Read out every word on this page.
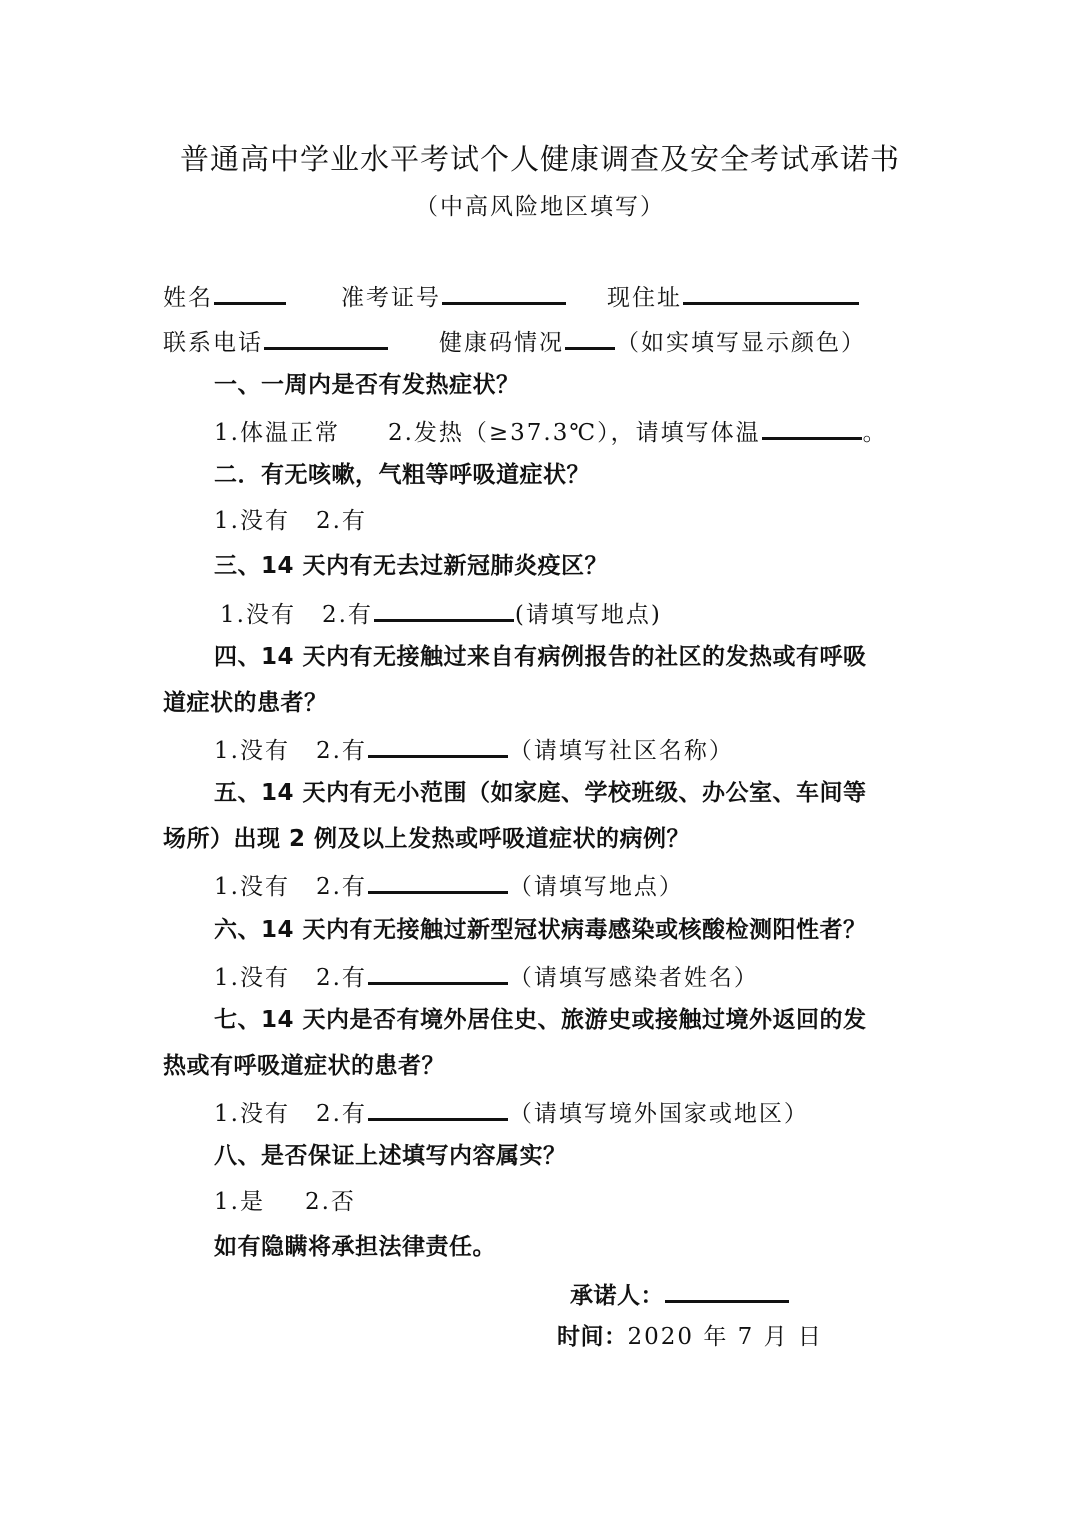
普通高中学业水平考试个人健康调查及安全考试承诺书
（中高风险地区填写）
姓名	准考证号	现住址
联系电话	健康码情况 （如实填写显示颜色）
一、一周内是否有发热症状？
1.体温正常 2.发热（≥37.3℃），请填写体温	。
二．有无咳嗽，气粗等呼吸道症状？
1.没有 2.有
三、14 天内有无去过新冠肺炎疫区？
1.没有 2.有	(请填写地点)
四、14 天内有无接触过来自有病例报告的社区的发热或有呼吸
道症状的患者？
1.没有 2.有	（请填写社区名称）
五、14 天内有无小范围（如家庭、学校班级、办公室、车间等
场所）出现 2 例及以上发热或呼吸道症状的病例？
1.没有 2.有	（请填写地点）
六、14 天内有无接触过新型冠状病毒感染或核酸检测阳性者？
1.没有 2.有	（请填写感染者姓名）
七、14 天内是否有境外居住史、旅游史或接触过境外返回的发
热或有呼吸道症状的患者？
1.没有 2.有	（请填写境外国家或地区）
八、是否保证上述填写内容属实？
1.是 2.否
如有隐瞒将承担法律责任。
承诺人：
时间：2020 年 7 月 日
